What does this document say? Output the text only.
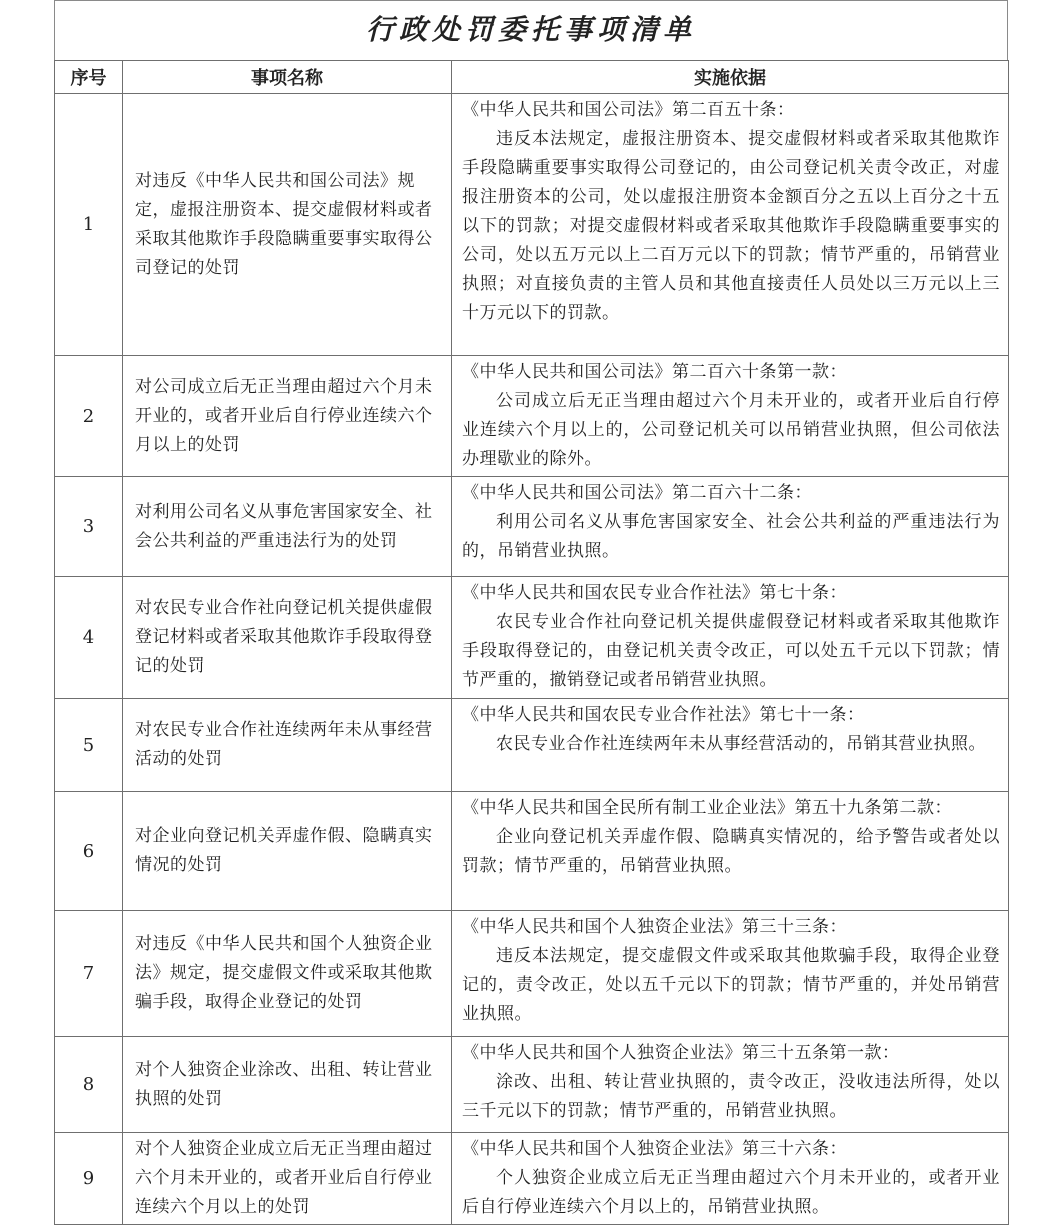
行政处罚委托事项清单
序号	事项名称	实施依据
1	对违反《中华人民共和国公司法》规定，虚报注册资本、提交虚假材料或者采取其他欺诈手段隐瞒重要事实取得公司登记的处罚	《中华人民共和国公司法》第二百五十条：
违反本法规定，虚报注册资本、提交虚假材料或者采取其他欺诈手段隐瞒重要事实取得公司登记的，由公司登记机关责令改正，对虚报注册资本的公司，处以虚报注册资本金额百分之五以上百分之十五以下的罚款；对提交虚假材料或者采取其他欺诈手段隐瞒重要事实的公司，处以五万元以上二百万元以下的罚款；情节严重的，吊销营业执照；对直接负责的主管人员和其他直接责任人员处以三万元以上三十万元以下的罚款。

2	对公司成立后无正当理由超过六个月未开业的，或者开业后自行停业连续六个月以上的处罚	《中华人民共和国公司法》第二百六十条第一款：
公司成立后无正当理由超过六个月未开业的，或者开业后自行停业连续六个月以上的，公司登记机关可以吊销营业执照，但公司依法办理歇业的除外。

3	对利用公司名义从事危害国家安全、社会公共利益的严重违法行为的处罚	《中华人民共和国公司法》第二百六十二条：
利用公司名义从事危害国家安全、社会公共利益的严重违法行为的，吊销营业执照。

4	对农民专业合作社向登记机关提供虚假登记材料或者采取其他欺诈手段取得登记的处罚	《中华人民共和国农民专业合作社法》第七十条：
农民专业合作社向登记机关提供虚假登记材料或者采取其他欺诈手段取得登记的，由登记机关责令改正，可以处五千元以下罚款；情节严重的，撤销登记或者吊销营业执照。

5	对农民专业合作社连续两年未从事经营活动的处罚	《中华人民共和国农民专业合作社法》第七十一条：
农民专业合作社连续两年未从事经营活动的，吊销其营业执照。

6	对企业向登记机关弄虚作假、隐瞒真实情况的处罚	《中华人民共和国全民所有制工业企业法》第五十九条第二款：
企业向登记机关弄虚作假、隐瞒真实情况的，给予警告或者处以罚款；情节严重的，吊销营业执照。

7	对违反《中华人民共和国个人独资企业法》规定，提交虚假文件或采取其他欺骗手段，取得企业登记的处罚	《中华人民共和国个人独资企业法》第三十三条：
违反本法规定，提交虚假文件或采取其他欺骗手段，取得企业登记的，责令改正，处以五千元以下的罚款；情节严重的，并处吊销营业执照。

8	对个人独资企业涂改、出租、转让营业执照的处罚	《中华人民共和国个人独资企业法》第三十五条第一款：
涂改、出租、转让营业执照的，责令改正，没收违法所得，处以三千元以下的罚款；情节严重的，吊销营业执照。

9	对个人独资企业成立后无正当理由超过六个月未开业的，或者开业后自行停业连续六个月以上的处罚	《中华人民共和国个人独资企业法》第三十六条：
个人独资企业成立后无正当理由超过六个月未开业的，或者开业后自行停业连续六个月以上的，吊销营业执照。
